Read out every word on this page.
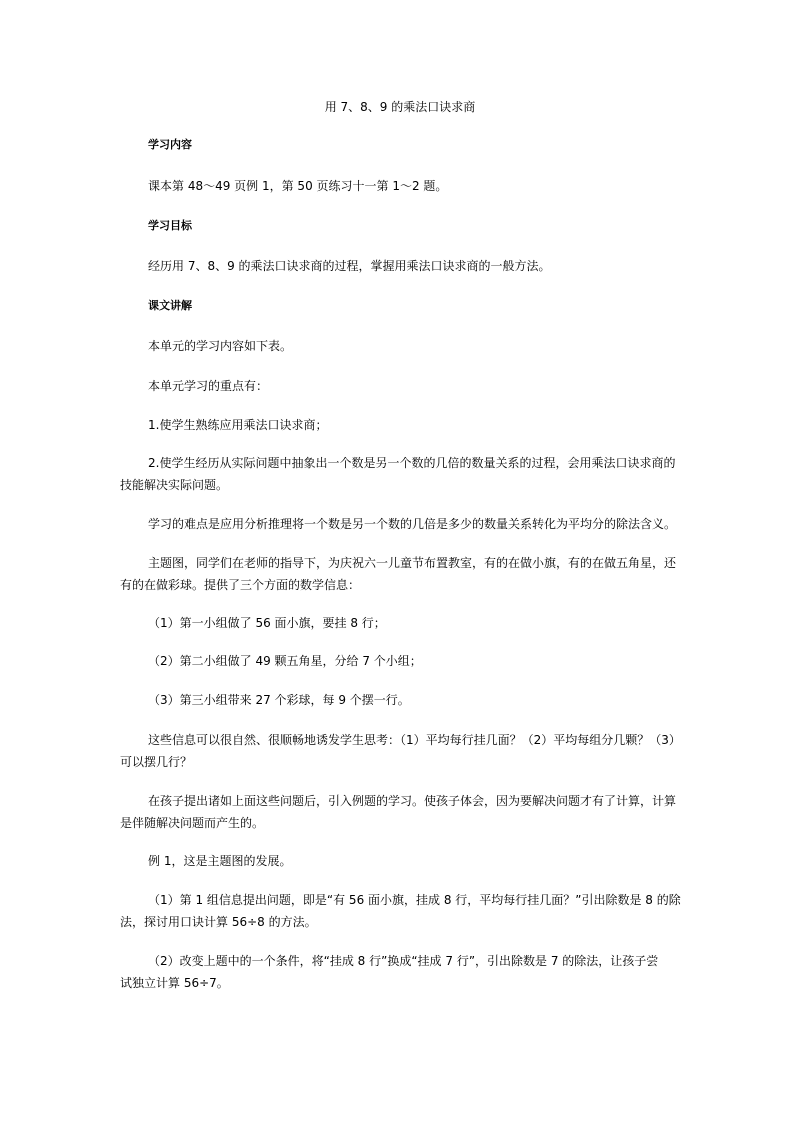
用 7、8、9 的乘法口诀求商
学习内容
课本第 48～49 页例 1，第 50 页练习十一第 1～2 题。
学习目标
经历用 7、8、9 的乘法口诀求商的过程，掌握用乘法口诀求商的一般方法。
课文讲解
本单元的学习内容如下表。
本单元学习的重点有：
1.使学生熟练应用乘法口诀求商；
2.使学生经历从实际问题中抽象出一个数是另一个数的几倍的数量关系的过程，会用乘法口诀求商的
技能解决实际问题。
学习的难点是应用分析推理将一个数是另一个数的几倍是多少的数量关系转化为平均分的除法含义。
主题图，同学们在老师的指导下，为庆祝六一儿童节布置教室，有的在做小旗，有的在做五角星，还
有的在做彩球。提供了三个方面的数学信息：
（1）第一小组做了 56 面小旗，要挂 8 行；
（2）第二小组做了 49 颗五角星，分给 7 个小组；
（3）第三小组带来 27 个彩球，每 9 个摆一行。
这些信息可以很自然、很顺畅地诱发学生思考：（1）平均每行挂几面？（2）平均每组分几颗？（3）
可以摆几行？
在孩子提出诸如上面这些问题后，引入例题的学习。使孩子体会，因为要解决问题才有了计算，计算
是伴随解决问题而产生的。
例 1，这是主题图的发展。
（1）第 1 组信息提出问题，即是“有 56 面小旗，挂成 8 行，平均每行挂几面？”引出除数是 8 的除
法，探讨用口诀计算 56÷8 的方法。
（2）改变上题中的一个条件，将“挂成 8 行”换成“挂成 7 行”，引出除数是 7 的除法，让孩子尝
试独立计算 56÷7。
